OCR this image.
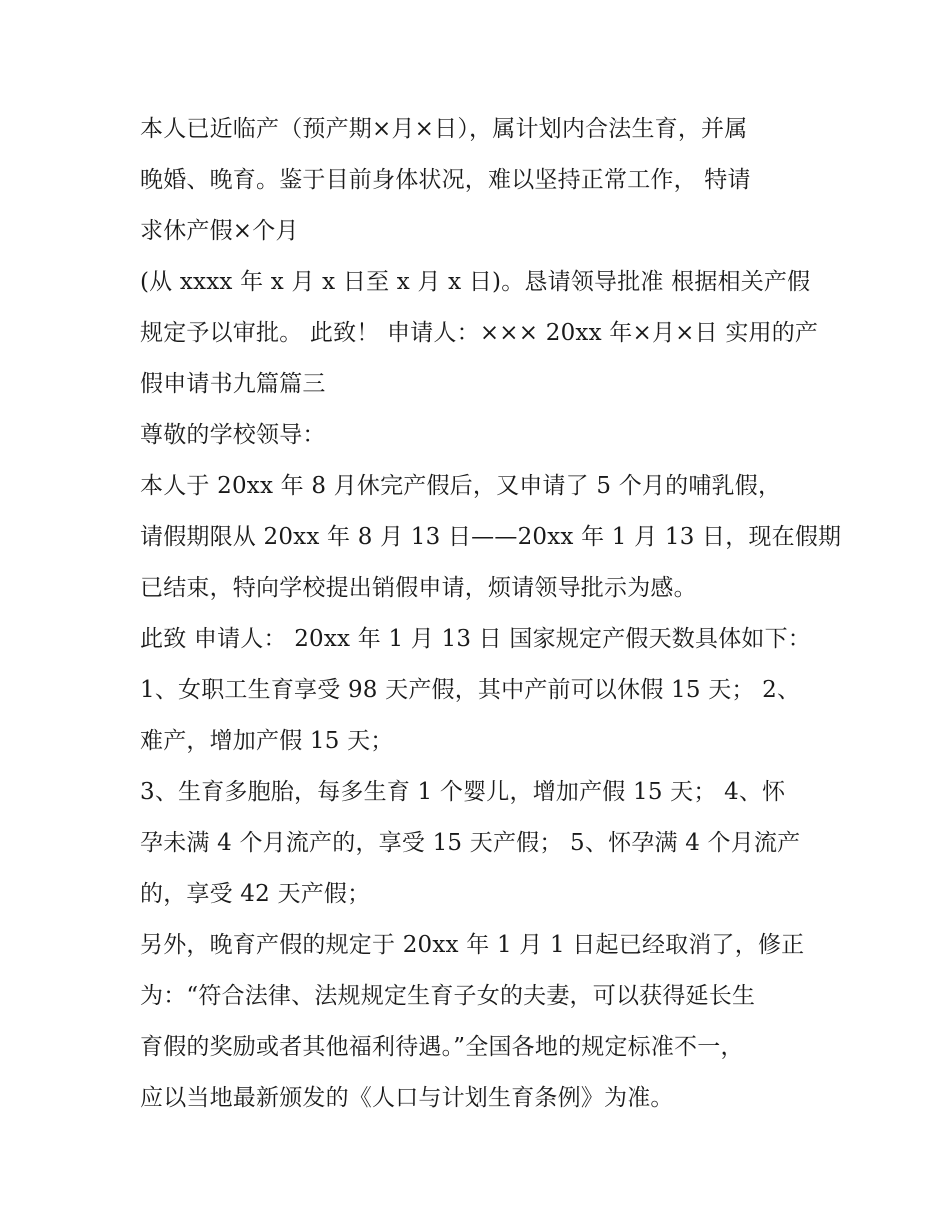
本人已近临产（预产期×月×日），属计划内合法生育，并属
晚婚、晚育。鉴于目前身体状况，难以坚持正常工作， 特请
求休产假×个月
(从 xxxx 年 x 月 x 日至 x 月 x 日)。恳请领导批准 根据相关产假
规定予以审批。 此致！ 申请人：××× 20xx 年×月×日 实用的产
假申请书九篇篇三
尊敬的学校领导：
本人于 20xx 年 8 月休完产假后，又申请了 5 个月的哺乳假，
请假期限从 20xx 年 8 月 13 日——20xx 年 1 月 13 日，现在假期
已结束，特向学校提出销假申请，烦请领导批示为感。
此致 申请人： 20xx 年 1 月 13 日 国家规定产假天数具体如下：
1、女职工生育享受 98 天产假，其中产前可以休假 15 天； 2、
难产，增加产假 15 天；
3、生育多胞胎，每多生育 1 个婴儿，增加产假 15 天； 4、怀
孕未满 4 个月流产的，享受 15 天产假； 5、怀孕满 4 个月流产
的，享受 42 天产假；
另外，晚育产假的规定于 20xx 年 1 月 1 日起已经取消了，修正
为：“符合法律、法规规定生育子女的夫妻，可以获得延长生
育假的奖励或者其他福利待遇。”全国各地的规定标准不一，
应以当地最新颁发的《人口与计划生育条例》为准。
